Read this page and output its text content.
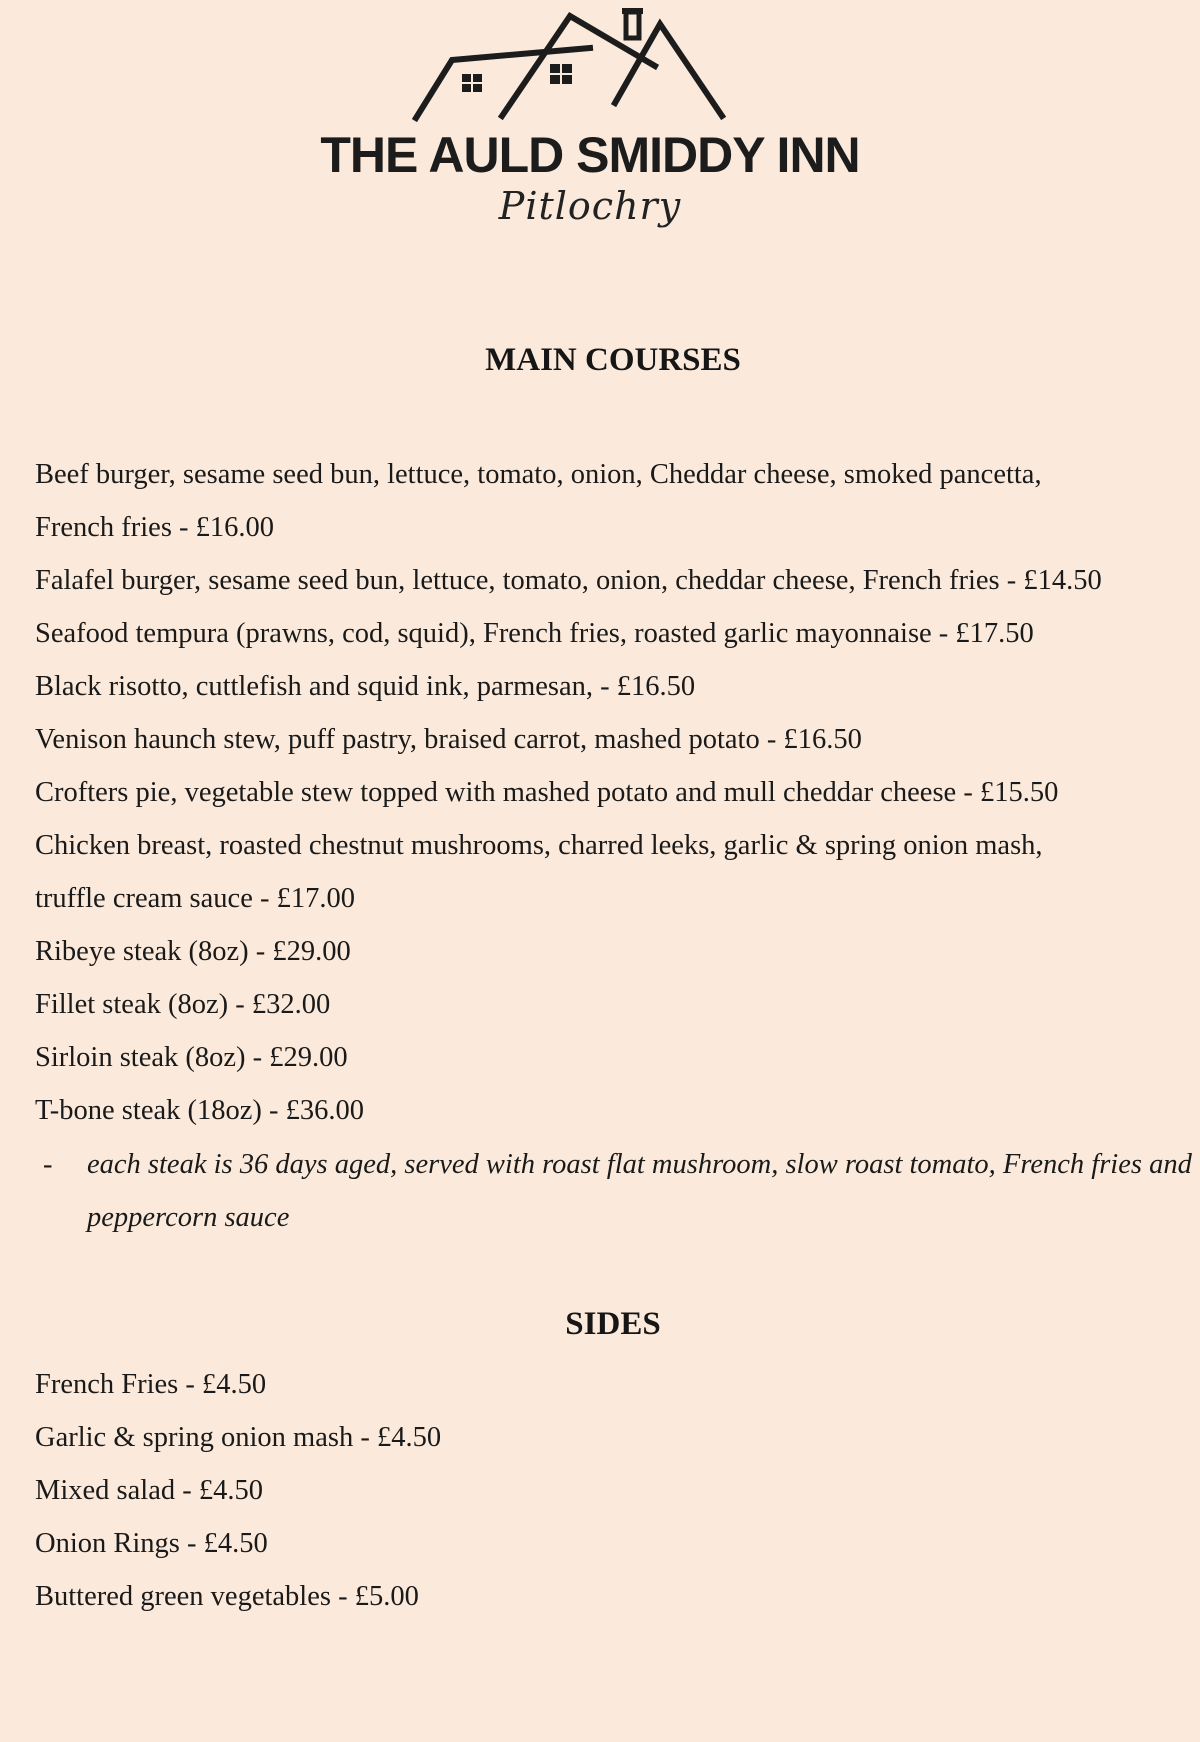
THE AULD SMIDDY INN
Pitlochry
MAIN COURSES
Beef burger, sesame seed bun, lettuce, tomato, onion, Cheddar cheese, smoked pancetta,
French fries - £16.00
Falafel burger, sesame seed bun, lettuce, tomato, onion, cheddar cheese, French fries - £14.50
Seafood tempura (prawns, cod, squid), French fries, roasted garlic mayonnaise - £17.50
Black risotto, cuttlefish and squid ink, parmesan, - £16.50
Venison haunch stew, puff pastry, braised carrot, mashed potato - £16.50
Crofters pie, vegetable stew topped with mashed potato and mull cheddar cheese - £15.50
Chicken breast, roasted chestnut mushrooms, charred leeks, garlic & spring onion mash,
truffle cream sauce - £17.00
Ribeye steak (8oz) - £29.00
Fillet steak (8oz) - £32.00
Sirloin steak (8oz) - £29.00
T-bone steak (18oz) - £36.00
- each steak is 36 days aged, served with roast flat mushroom, slow roast tomato, French fries and peppercorn sauce
SIDES
French Fries - £4.50
Garlic & spring onion mash - £4.50
Mixed salad - £4.50
Onion Rings - £4.50
Buttered green vegetables - £5.00
